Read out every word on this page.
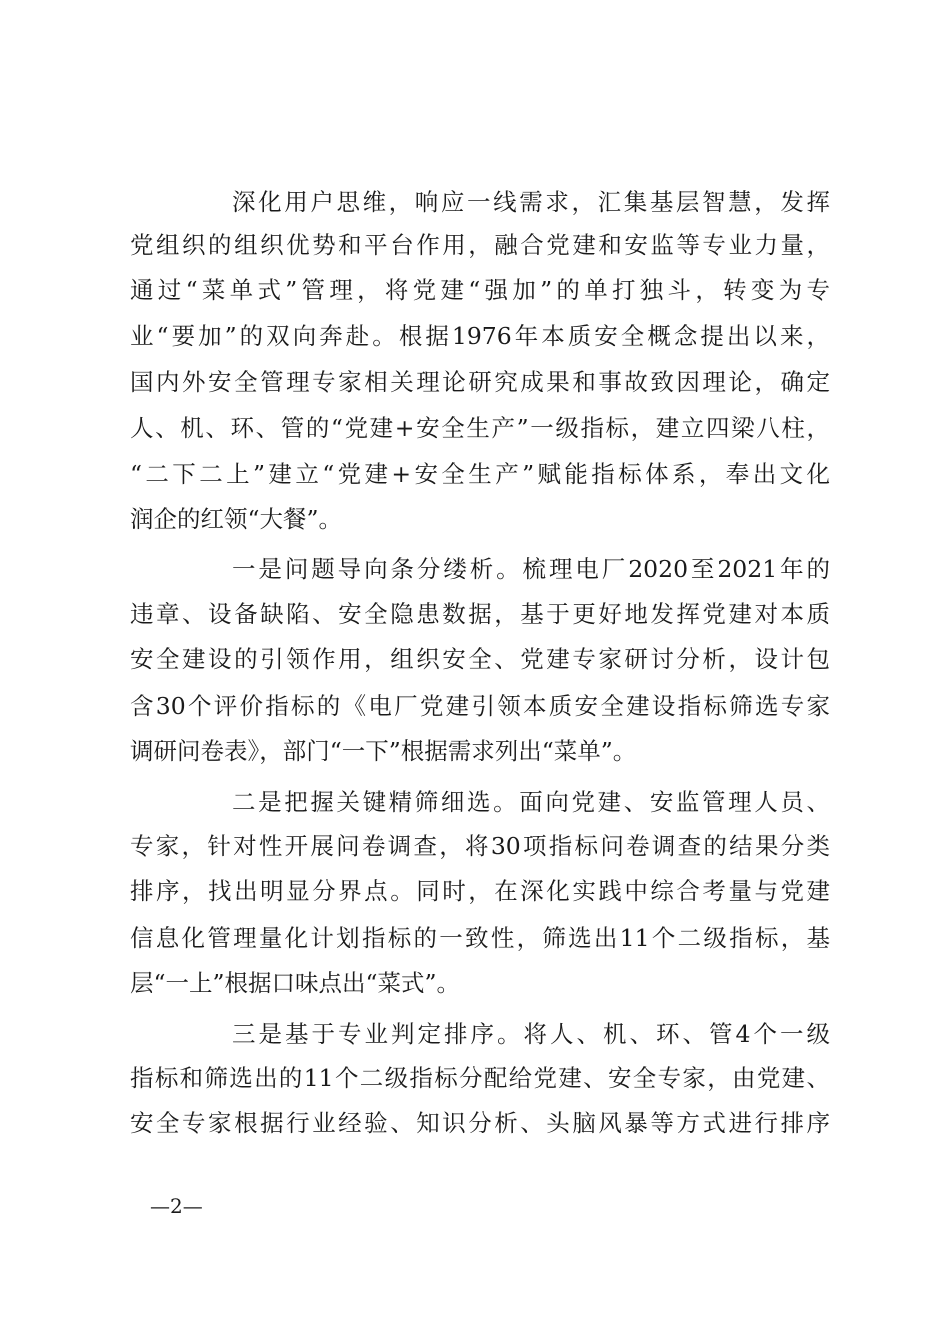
深化用户思维，响应一线需求，汇集基层智慧，发挥
党组织的组织优势和平台作用，融合党建和安监等专业力量，
通过“菜单式”管理，将党建“强加”的单打独斗，转变为专
业“要加”的双向奔赴。根据1976年本质安全概念提出以来，
国内外安全管理专家相关理论研究成果和事故致因理论，确定
人、机、环、管的“党建+安全生产”一级指标，建立四梁八柱，
“二下二上”建立“党建+安全生产”赋能指标体系，奉出文化
润企的红领“大餐”。
一是问题导向条分缕析。梳理电厂2020至2021年的
违章、设备缺陷、安全隐患数据，基于更好地发挥党建对本质
安全建设的引领作用，组织安全、党建专家研讨分析，设计包
含30个评价指标的《电厂党建引领本质安全建设指标筛选专家
调研问卷表》，部门“一下”根据需求列出“菜单”。
二是把握关键精筛细选。面向党建、安监管理人员、
专家，针对性开展问卷调查，将30项指标问卷调查的结果分类
排序，找出明显分界点。同时，在深化实践中综合考量与党建
信息化管理量化计划指标的一致性，筛选出11个二级指标，基
层“一上”根据口味点出“菜式”。
三是基于专业判定排序。将人、机、环、管4个一级
指标和筛选出的11个二级指标分配给党建、安全专家，由党建、
安全专家根据行业经验、知识分析、头脑风暴等方式进行排序
—2—
